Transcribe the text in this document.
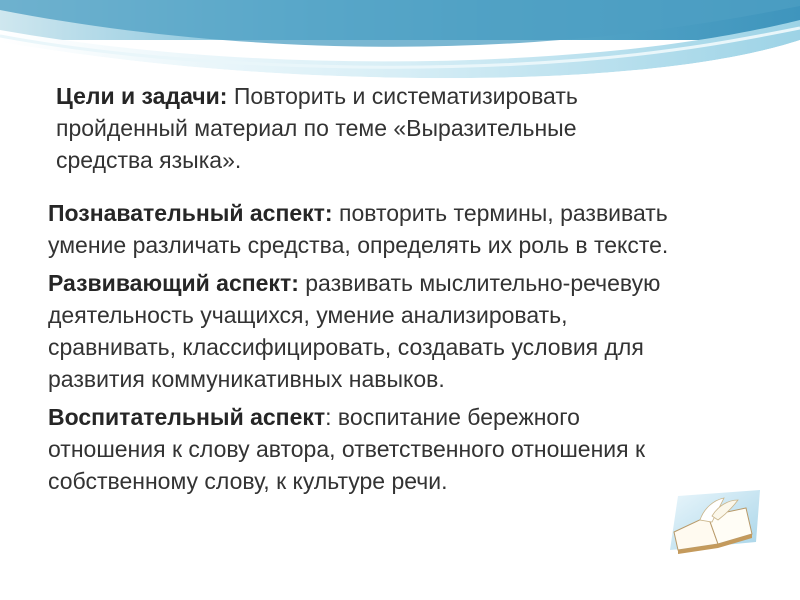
Цели и задачи: Повторить и систематизировать пройденный материал по теме «Выразительные средства языка».

Познавательный аспект: повторить термины, развивать умение различать средства, определять их роль в тексте.

Развивающий аспект: развивать мыслительно-речевую деятельность учащихся, умение анализировать, сравнивать, классифицировать, создавать условия для развития коммуникативных навыков.

Воспитательный аспект: воспитание бережного отношения к слову автора, ответственного отношения к собственному слову, к культуре речи.
